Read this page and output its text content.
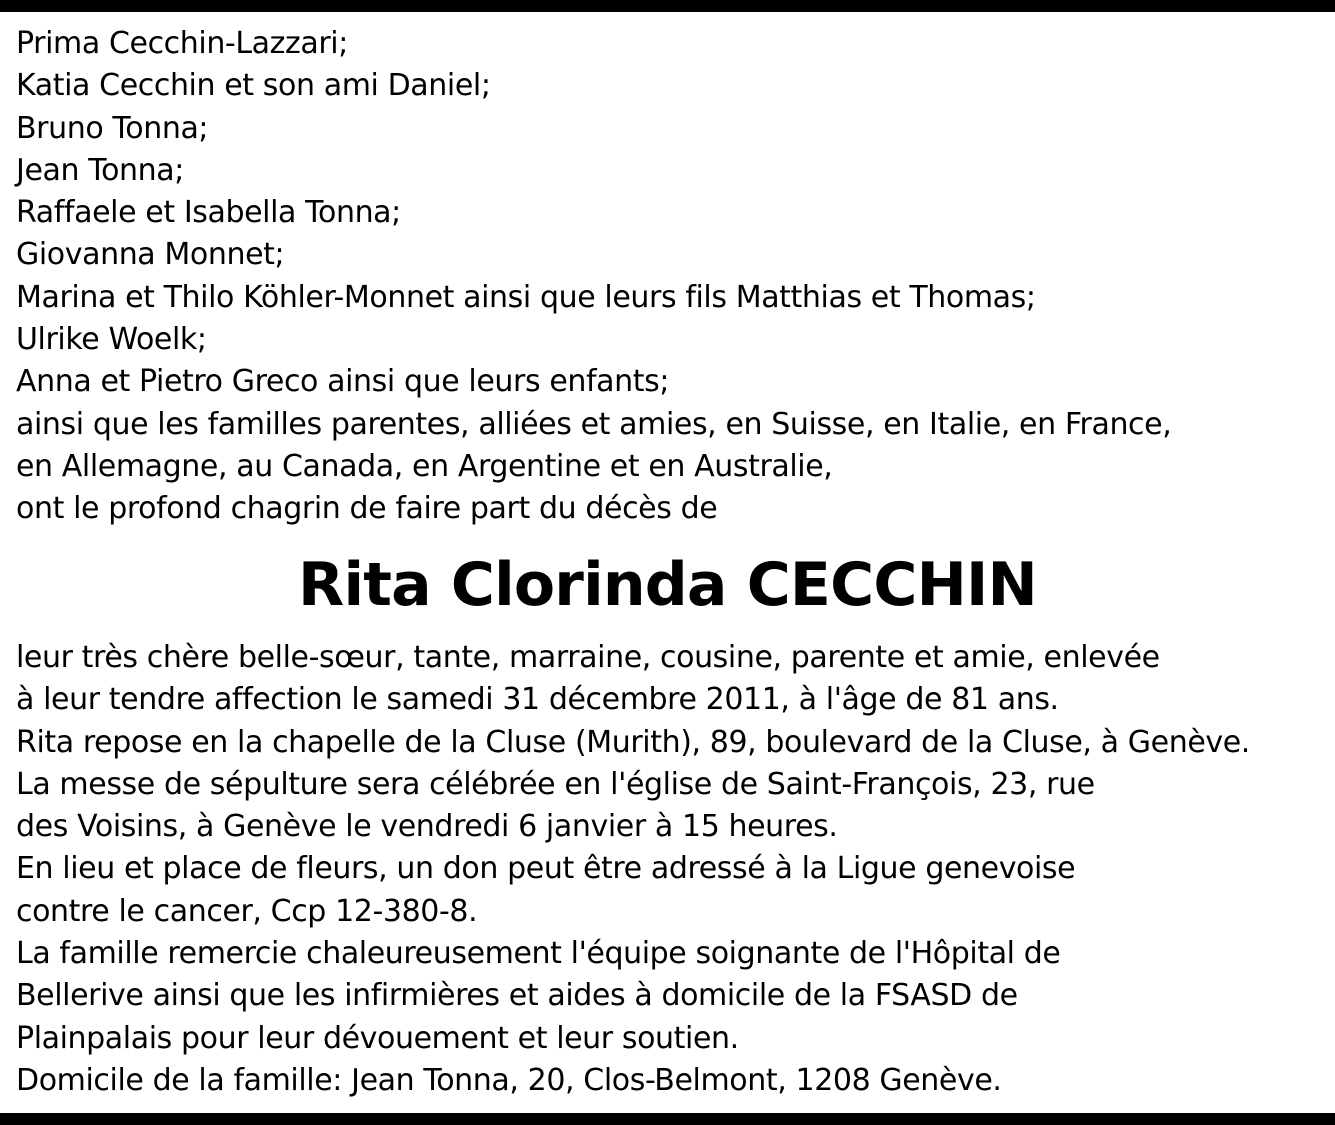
Prima Cecchin-Lazzari;
Katia Cecchin et son ami Daniel;
Bruno Tonna;
Jean Tonna;
Raffaele et Isabella Tonna;
Giovanna Monnet;
Marina et Thilo Köhler-Monnet ainsi que leurs fils Matthias et Thomas;
Ulrike Woelk;
Anna et Pietro Greco ainsi que leurs enfants;
ainsi que les familles parentes, alliées et amies, en Suisse, en Italie, en France,
en Allemagne, au Canada, en Argentine et en Australie,
ont le profond chagrin de faire part du décès de
Rita Clorinda CECCHIN
leur très chère belle-sœur, tante, marraine, cousine, parente et amie, enlevée
à leur tendre affection le samedi 31 décembre 2011, à l'âge de 81 ans.
Rita repose en la chapelle de la Cluse (Murith), 89, boulevard de la Cluse, à Genève.
La messe de sépulture sera célébrée en l'église de Saint-François, 23, rue
des Voisins, à Genève le vendredi 6 janvier à 15 heures.
En lieu et place de fleurs, un don peut être adressé à la Ligue genevoise
contre le cancer, Ccp 12-380-8.
La famille remercie chaleureusement l'équipe soignante de l'Hôpital de
Bellerive ainsi que les infirmières et aides à domicile de la FSASD de
Plainpalais pour leur dévouement et leur soutien.
Domicile de la famille: Jean Tonna, 20, Clos-Belmont, 1208 Genève.
